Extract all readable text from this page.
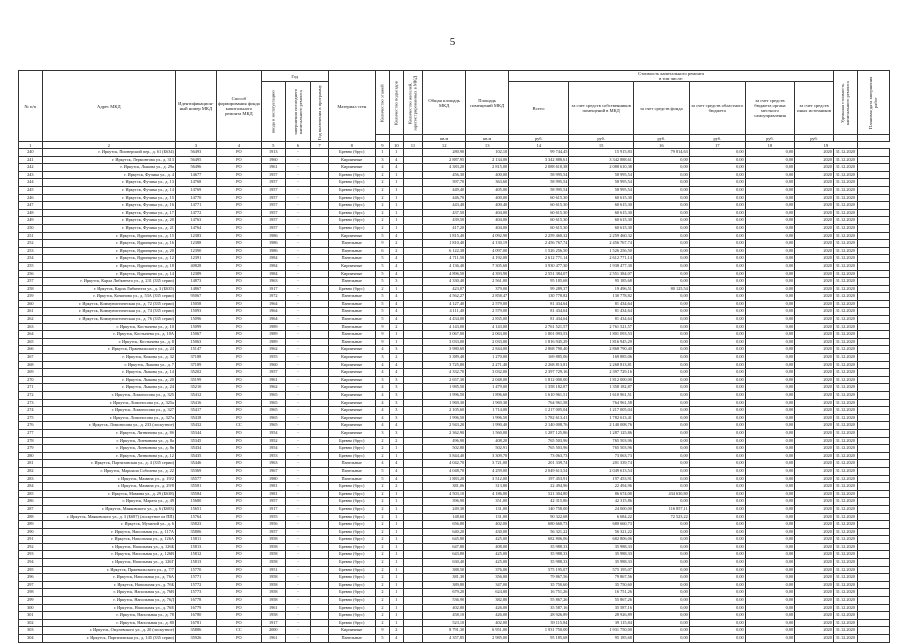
5
№ п/п	Адрес МКД	Идентификационный номер МКД	Способ формирования фонда капитального ремонта МКД	Год			Материал стен	Количество этажей	Количество подъездов	Количество жителей, зарегистрированных в МКД	Общая площадь МКД	Площадь помещений МКД	Стоимость капитального ремонта
в том числе:						Удельная стоимость капитального ремонта	Плановая дата завершения работ
				ввода в эксплуатацию	завершения последнего капитального ремонта	Год включения в программу							Всего:	за счет средств собственников помещений в МКД	за счет средств фонда	за счет средств областного бюджета	за счет средств бюджета органа местного самоуправления	за счет средств иных источников		
											кв.м	кв.м	руб.	руб.	руб.	руб.	руб.	руб.		
1	2	3	4	5	6	7	8	9	10	11	12	13	14	15	16	17	18	19		
240	г. Иркутск, Пионерский пер., д. 61 (Б634)	56493	РО	1913	-		Бревно (брус)	1	1		280,90	102,10	99 744,45	15 915,83	79 814,63	0,00	0,00	2020	31.12.2020	
241	г. Иркутск, Лермонтова ул., д. 313	56495	РО	1960	-		Кирпичные	3	4		2 887,95	2 134,00	3 342 888,61	3 342 888,61	0,00	0,00	0,00	2020	31.12.2020	
242	г. Иркутск, Лыкова ул., д. 29а	56496	РО	1961	-		Кирпичные	4	4		4 383,20	2 815,00	2 088 610,38	2 088 610,38	0,00	0,00	0,00	2020	31.12.2020	
243	г. Иркутск, Фучика ул., д. 4	14677	РО	1957	-		Бревно (брус)	2	1		456,30	400,00	58 995,54	58 995,54	0,00	0,00	0,00	2020	31.12.2020	
244	г. Иркутск, Фучика ул., д. 13	14768	РО	1957	-		Бревно (брус)	2	1		397,70	363,60	58 995,54	58 995,54	0,00	0,00	0,00	2020	31.12.2020	
245	г. Иркутск, Фучика ул., д. 14	14769	РО	1957	-		Бревно (брус)	2	1		449,40	405,00	58 995,54	58 995,54	0,00	0,00	0,00	2020	31.12.2020	
246	г. Иркутск, Фучика ул., д. 15	14770	РО	1957	-		Бревно (брус)	2	1		446,70	400,00	60 615,30	60 615,30	0,00	0,00	0,00	2020	31.12.2020	
247	г. Иркутск, Фучика ул., д. 16	14771	РО	1957	-		Бревно (брус)	2	1		443,40	400,40	60 615,30	60 615,30	0,00	0,00	0,00	2020	31.12.2020	
248	г. Иркутск, Фучика ул., д. 17	14772	РО	1957	-		Бревно (брус)	2	1		437,50	404,00	60 615,30	60 615,30	0,00	0,00	0,00	2020	31.12.2020	
249	г. Иркутск, Фучика ул., д. 20	14763	РО	1957	-		Бревно (брус)	2	1		439,50	404,00	60 615,30	60 615,30	0,00	0,00	0,00	2020	31.12.2020	
250	г. Иркутск, Фучика ул., д. 21	14764	РО	1957	-		Бревно (брус)	2	1		417,20	404,00	60 615,30	60 615,30	0,00	0,00	0,00	2020	31.12.2020	
251	г. Иркутск, Ядринцева ул., д. 15	12383	РО	1986	-		Кирпичные	5	4		1 815,40	4 092,90	2 259 460,32	2 259 460,32	0,00	0,00	0,00	2020	31.12.2020	
252	г. Иркутск, Ядринцева ул., д. 16	12388	РО	1986	-		Панельные	9	2		1 810,40	4 130,19	2 456 767,74	2 456 767,74	0,00	0,00	0,00	2020	31.12.2020	
253	г. Иркутск, Ядринцева ул., д. 20	12390	РО	1986	-		Панельные	6	2		6 122,38	4 097,00	1 526 256,50	1 526 256,50	0,00	0,00	0,00	2020	31.12.2020	
254	г. Иркутск, Ядринцева ул., д. 12	12391	РО	1984	-		Панельные	5	4		4 711,50	4 192,00	2 612 771,14	2 612 771,14	0,00	0,00	0,00	2020	31.12.2020	
255	г. Иркутск, Ядринцева ул., д. 18	40828	РО	1984	-		Кирпичные	5	4		4 136,40	7 305,60	3 930 477,30	1 938 477,30	0,00	0,00	0,00	2020	31.12.2020	
256	г. Иркутск, Ядринцева ул., д. 14	12389	РО	1984	-		Кирпичные	5	4		4 896,50	4 393,90	2 551 384,07	2 551 384,07	0,00	0,00	0,00	2020	31.12.2020	
257	г. Иркутск, Карла Либкнехта ул., д. 231 (335 серии)	14873	РО	1963	-		Панельные	5	3		4 330,40	2 561,00	95 185,68	95 185,68	0,00	0,00	0,00	2020	31.12.2020	
258	г. Иркутск, Карла Либкнехта ул., д. 3 (Б635)	14867	РО	1917	-		Бревно (брус)	2	1		423,07	379,00	99 289,37	19 496,51	80 125,54	0,00	0,00	2020	31.12.2020	
259	г. Иркутск, Кочинова ул., д. 53А (335 серии)	95067	РО	1972	-		Панельные	5	4		4 562,27	2 858,47	130 778,82	130 778,82	0,00	0,00	0,00	2020	31.12.2020	
260	г. Иркутск, Коммунистическая ул., д. 72 (335 серии)	15058	РО	1964	-		Панельные	5	4		4 127,40	2 579,00	81 434,64	81 434,64	0,00	0,00	0,00	2020	31.12.2020	
261	г. Иркутск, Коммунистическая ул., д. 74 (335 серии)	15093	РО	1964	-		Панельные	5	4		4 111,40	2 579,00	81 434,64	81 434,64	0,00	0,00	0,00	2020	31.12.2020	
262	г. Иркутск, Коммунистическая ул., д. 76 (335 серии)	15096	РО	1964	-		Панельные	5	4		4 434,00	2 835,00	81 434,64	81 434,64	0,00	0,00	0,00	2020	31.12.2020	
263	г. Иркутск, Костычева ул., д. 10	15099	РО	1989	-		Панельные	9	2		4 143,00	4 143,00	2 761 521,57	2 761 521,57	0,00	0,00	0,00	2020	31.12.2020	
264	г. Иркутск, Костычева ул., д. 10А	15067	РО	1989	-		Панельные	9	1		3 067,00	2 063,00	1 801 093,53	1 801 093,53	0,00	0,00	0,00	2020	31.12.2020	
265	г. Иркутск, Костычева ул., д. 8	15063	РО	1989	-		Панельные	9	1		3 033,00	2 033,00	1 816 945,29	1 816 945,29	0,00	0,00	0,00	2020	31.12.2020	
266	г. Иркутск, Пржевальского ул., д. 24	15147	РО	1962	-		Кирпичные	4	3		3 980,60	2 844,00	2 868 790,40	2 868 790,40	0,00	0,00	0,00	2020	31.12.2020	
267	г. Иркутск, Кожова ул., д. 32	37188	РО	1955	-		Кирпичные	3	2		3 389,40	1 270,00	169 885,06	169 885,06	0,00	0,00	0,00	2020	31.12.2020	
268	г. Иркутск, Лыкова ул., д. 7	37189	РО	1960	-		Кирпичные	4	4		3 725,80	2 271,40	2 268 813,81	2 268 813,81	0,00	0,00	0,00	2020	31.12.2020	
269	г. Иркутск, Лыкова ул., д. 14	35202	РО	1957	-		Кирпичные	4	4		4 332,70	3 032,00	2 397 729,16	2 397 729,16	0,00	0,00	0,00	2020	31.12.2020	
270	г. Иркутск, Лыкова ул., д. 20	35199	РО	1961	-		Кирпичные	3	3		2 657,30	2 048,00	1 812 000,00	1 812 000,00	0,00	0,00	0,00	2020	31.12.2020	
271	г. Иркутск, Лыкова ул., д. 24	35210	РО	1962	-		Кирпичные	4	3		1 985,50	1 479,00	1 358 182,87	1 358 182,87	0,00	0,00	0,00	2020	31.12.2020	
272	г. Иркутск, Ломоносова ул., д. 325	35412	РО	1965	-		Кирпичные	4	3		1 996,50	1 896,60	1 610 961,51	1 610 961,51	0,00	0,00	0,00	2020	31.12.2020	
273	г. Иркутск, Ломоносова ул., д. 325а	35416	РО	1965	-		Кирпичные	4	3		1 969,30	1 969,30	764 961,58	764 961,58	0,00	0,00	0,00	2020	31.12.2020	
274	г. Иркутск, Ломоносова ул., д. 327	35417	РО	1965	-		Кирпичные	4	3		2 105,60	1 714,00	1 217 005,04	1 217 005,04	0,00	0,00	0,00	2020	31.12.2020	
275	г. Иркутск, Ломоносова ул., д. 327а	35418	РО	1965	-		Кирпичные	4	3		1 996,50	1 996,50	1 782 613,41	1 782 613,41	0,00	0,00	0,00	2020	31.12.2020	
276	г. Иркутск, Ломоносова ул., д. 233 (лоскутное)	35432	СС	1965	-		Кирпичные	4	4		2 943,20	1 990,40	2 140 008,76	2 140 008,76	0,00	0,00	0,00	2020	31.12.2020	
277	г. Иркутск, Литвинова ул., д. 8б	35344	РО	1954	-		Кирпичные	3	3		2 362,90	1 560,00	1 287 125,86	1 287 125,86	0,00	0,00	0,00	2020	31.12.2020	
278	г. Иркутск, Литвинова ул., д. 8а	35345	РО	1952	-		Бревно (брус)	2	2		496,90	408,20	765 503,96	765 503,96	0,00	0,00	0,00	2020	31.12.2020	
279	г. Иркутск, Литвинова ул., д. 8в	35434	РО	1954	-		Бревно (брус)	2	1		502,80	502,91	765 503,96	765 503,96	0,00	0,00	0,00	2020	31.12.2020	
280	г. Иркутск, Литвинова ул., д. 12	35435	РО	1953	-		Бревно (брус)	2	1		3 844,40	3 309,70	73 063,73	73 063,73	0,00	0,00	0,00	2020	31.12.2020	
281	г. Иркутск, Партизанская ул., д. 4 (335 серии)	35446	РО	1963	-		Панельные	4	4		4 042,70	3 721,00	201 339,74	201 339,74	0,00	0,00	0,00	2020	31.12.2020	
282	г. Иркутск, Маршала Соболева ул., д. 22	35369	РО	1967	-		Панельные	5	4		4 048,70	4 259,00	2 049 613,54	2 049 613,54	0,00	0,00	0,00	2020	31.12.2020	
283	г. Иркутск, Мамина ул., д. 19/2	35577	РО	1980	-		Панельные	5	4		1 883,20	3 512,00	197 453,91	197 453,91	0,00	0,00	0,00	2020	31.12.2020	
284	г. Иркутск, Мамина ул., д. 29/8	35581	РО	1981	-		Бревно (брус)	2	2		381,06	313,80	22 494,96	22 494,96	0,00	0,00	0,00	2020	31.12.2020	
285	г. Иркутск, Мамина ул., д. 29 (Б638)	35584	РО	1981	-		Бревно (брус)	2	1		4 503,10	4 186,00	521 304,80	86 674,00	434 630,80	0,00	0,00	2020	31.12.2020	
286	г. Иркутск, Марата ул., д. 49	15680	РО	1957	-		Бревно (брус)	2	1		396,90	351,00	42 315,86	42 315,86	0,00	0,00	0,00	2020	31.12.2020	
287	г. Иркутск, Маяковского ул., д. 6 (Б683)	15651	РО	1917	-		Бревно (брус)	2	1		249,30	131,00	140 758,00	24 000,00	116 857,11	0,00	0,00	2020	31.12.2020	
288	г. Иркутск, Маяковского ул., д. 3 (Б687) (лоскутное из ПП)	15764	РО	1955	-		Бревно (брус)	2	1		148,60	131,00	90 322,68	6 684,22	72 523,22	0,00	0,00	2020	31.12.2020	
289	г. Иркутск, Мухиной ул., д. 6	35823	РО	1956	-		Бревно (брус)	2	1		656,80	402,00	680 660,73	680 660,73	0,00	0,00	0,00	2020	31.12.2020	
290	г. Иркутск, Напольная ул., д. 117А	35806	РО	1957	-		Бревно (брус)	2	1		640,20	430,00	56 321,22	56 321,22	0,00	0,00	0,00	2020	31.12.2020	
291	г. Иркутск, Напольная ул., д. 126А	15811	РО	1958	-		Бревно (брус)	2	1		645,80	425,00	682 806,06	682 806,06	0,00	0,00	0,00	2020	31.12.2020	
292	г. Иркутск, Напольная ул., д. 126Б	15813	РО	1958	-		Бревно (брус)	2	1		647,80	408,00	35 988,33	35 988,33	0,00	0,00	0,00	2020	31.12.2020	
293	г. Иркутск, Напольная ул., д. 126В	15812	РО	1958	-		Бревно (брус)	2	1		643,80	425,00	35 988,33	35 988,33	0,00	0,00	0,00	2020	31.12.2020	
294	г. Иркутск, Напольная ул., д. 126Г	15813	РО	1958	-		Бревно (брус)	2	1		630,40	425,00	35 988,33	35 988,33	0,00	0,00	0,00	2020	31.12.2020	
295	г. Иркутск, Пржевальского ул., д. 7/7	15770	РО	1951	-		Бревно (брус)	2	1		388,50	376,00	575 195,07	575 195,07	0,00	0,00	0,00	2020	31.12.2020	
296	г. Иркутск, Напольная ул., д. 76А	15771	РО	1958	-		Бревно (брус)	2	1		381,30	356,00	79 867,56	79 867,56	0,00	0,00	0,00	2020	31.12.2020	
297	г. Иркутск, Напольная ул., д. 76Б	15772	РО	1958	-		Бревно (брус)	2	1		389,80	347,00	35 750,60	35 750,60	0,00	0,00	0,00	2020	31.12.2020	
298	г. Иркутск, Напольная ул., д. 76В	15773	РО	1958	-		Бревно (брус)	2	1		679,20	624,80	16 751,26	16 751,26	0,00	0,00	0,00	2020	31.12.2020	
299	г. Иркутск, Напольная ул., д. 76Д	16778	РО	1958	-		Бревно (брус)	2	1		536,90	382,80	55 867,26	55 867,26	0,00	0,00	0,00	2020	31.12.2020	
300	г. Иркутск, Напольная ул., д. 76Е	16779	РО	1961	-		Бревно (брус)	2	1		402,80	426,00	35 587,16	35 587,16	0,00	0,00	0,00	2020	31.12.2020	
301	г. Иркутск, Напольная ул., д. 78	16780	РО	1958	-		Бревно (брус)	2	1		458,10	426,00	28 926,89	28 926,89	0,00	0,00	0,00	2020	31.12.2020	
302	г. Иркутск, Напольная ул., д. 80	16781	РО	1917	-		Бревно (брус)	2	1		523,10	402,00	39 115,84	39 115,84	0,00	0,00	0,00	2020	31.12.2020	
303	г. Иркутск, Омулевского ул., д. 20 (лоскутное)	35886	СС	2000	-		Кирпичные	9	2		8 791,30	6 951,00	1 931 750,00	1 931 750,00	0,00	0,00	0,00	2020	31.12.2020	
304	г. Иркутск, Партизанская ул., д. 145 (335 серии)	35926	РО	1961	-		Панельные	5	4		4 357,85	2 985,00	95 185,68	95 185,68	0,00	0,00	0,00	2020	31.12.2020	
